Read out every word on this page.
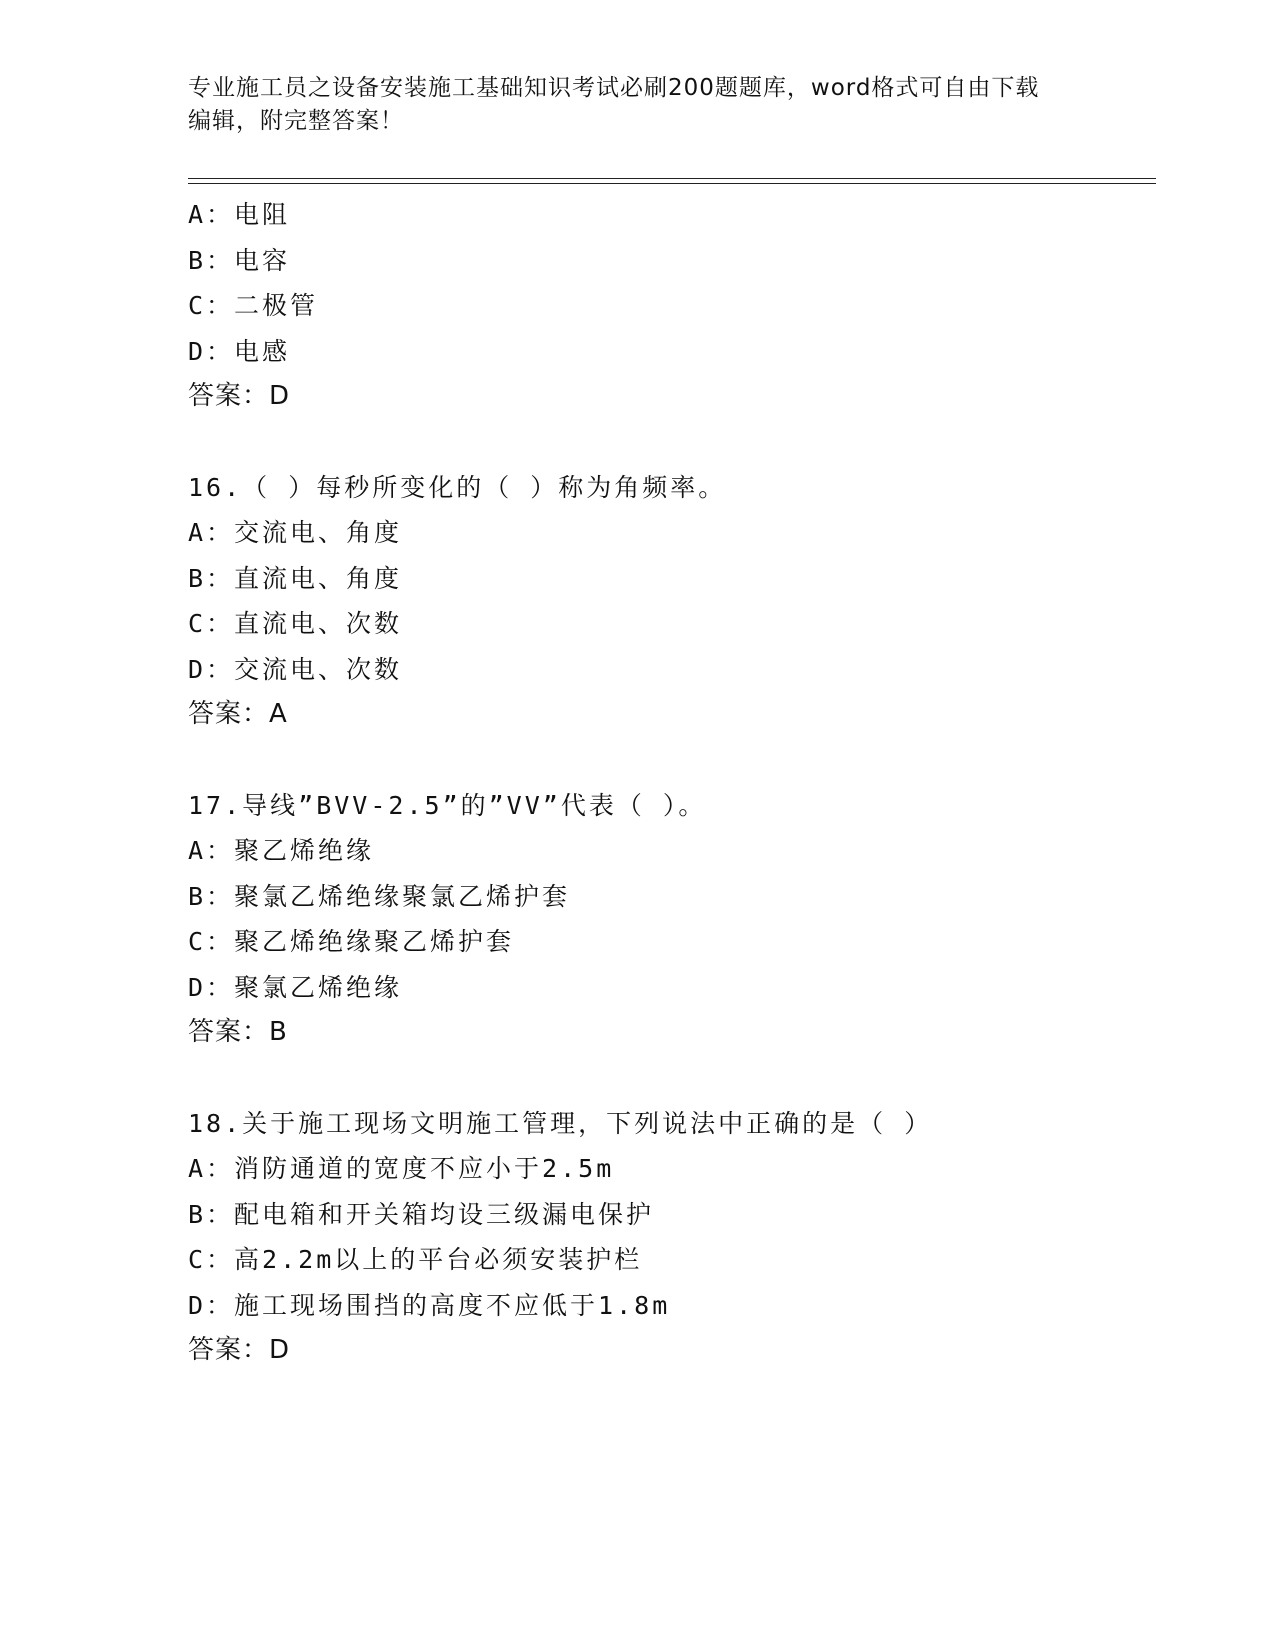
专业施工员之设备安装施工基础知识考试必刷200题题库，word格式可自由下载
编辑，附完整答案！
A：电阻
B：电容
C：二极管
D：电感
答案：D
16.（ ）每秒所变化的（ ）称为角频率。
A：交流电、角度
B：直流电、角度
C：直流电、次数
D：交流电、次数
答案：A
17.导线”BVV-2.5”的”VV”代表（ ）。
A：聚乙烯绝缘
B：聚氯乙烯绝缘聚氯乙烯护套
C：聚乙烯绝缘聚乙烯护套
D：聚氯乙烯绝缘
答案：B
18.关于施工现场文明施工管理，下列说法中正确的是（ ）
A：消防通道的宽度不应小于2.5m
B：配电箱和开关箱均设三级漏电保护
C：高2.2m以上的平台必须安装护栏
D：施工现场围挡的高度不应低于1.8m
答案：D
